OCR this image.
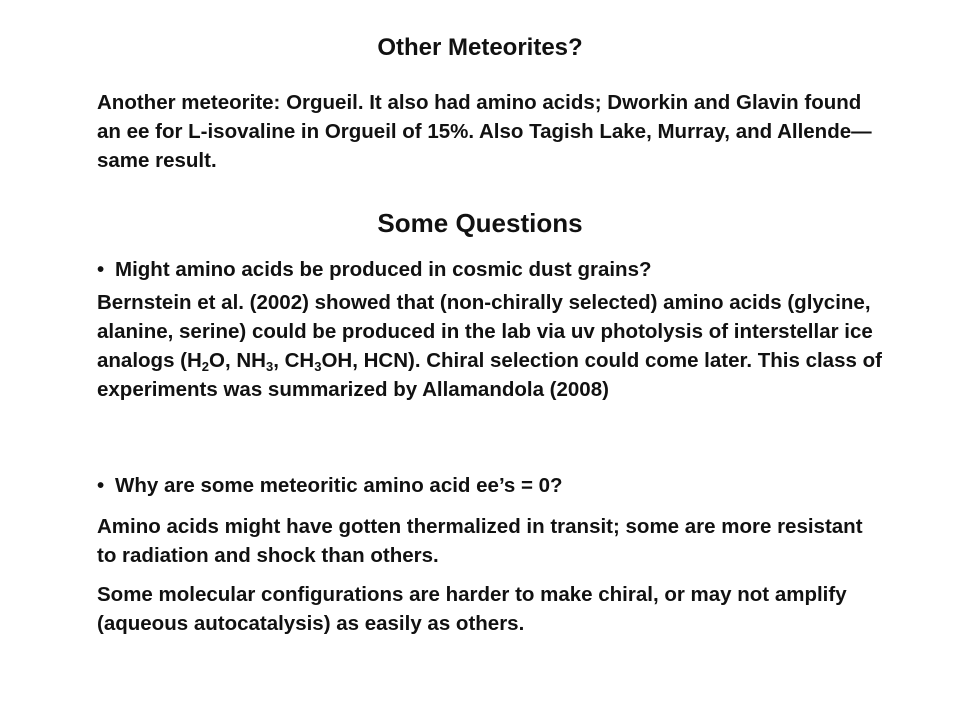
Other Meteorites?
Another meteorite: Orgueil. It also had amino acids; Dworkin and Glavin found an ee for L-isovaline in Orgueil of 15%. Also Tagish Lake, Murray, and Allende—same result.
Some Questions
• Might amino acids be produced in cosmic dust grains?
Bernstein et al. (2002) showed that (non-chirally selected) amino acids (glycine, alanine, serine) could be produced in the lab via uv photolysis of interstellar ice analogs ($H_2O$, $NH_3$, $CH_3OH$, HCN). Chiral selection could come later. This class of experiments was summarized by Allamandola (2008)
• Why are some meteoritic amino acid ee’s = 0?
Amino acids might have gotten thermalized in transit; some are more resistant to radiation and shock than others.
Some molecular configurations are harder to make chiral, or may not amplify (aqueous autocatalysis) as easily as others.
